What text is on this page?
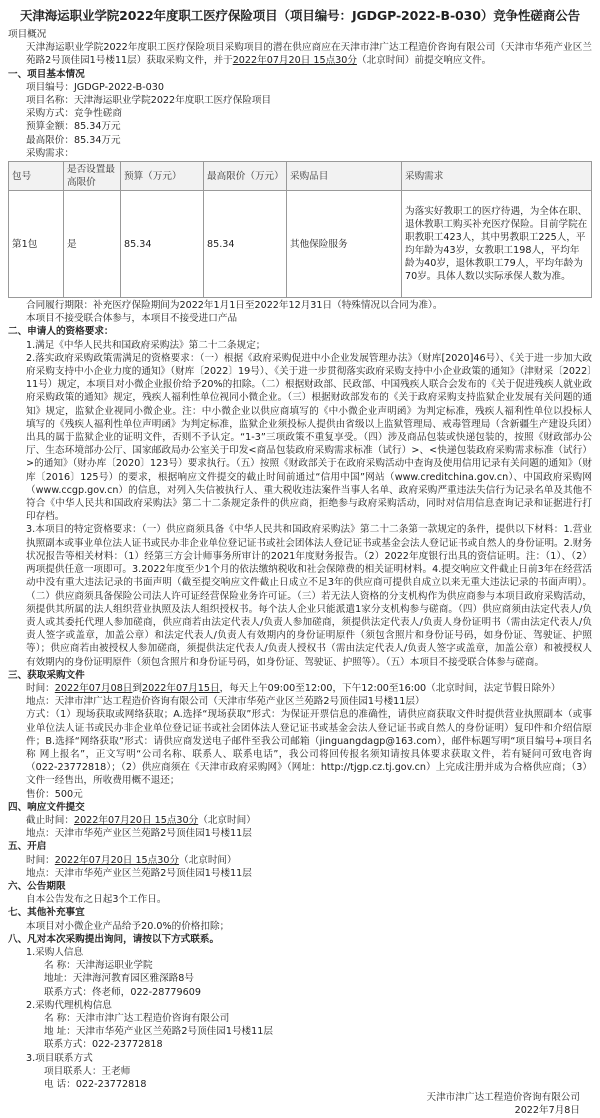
天津海运职业学院2022年度职工医疗保险项目（项目编号：JGDGP-2022-B-030）竞争性磋商公告
项目概况
天津海运职业学院2022年度职工医疗保险项目采购项目的潜在供应商应在天津市津广达工程造价咨询有限公司（天津市华苑产业区兰苑路2号顶佳园1号楼11层）获取采购文件，并于2022年07月20日 15点30分（北京时间）前提交响应文件。
一、项目基本情况
项目编号：JGDGP-2022-B-030
项目名称：天津海运职业学院2022年度职工医疗保险项目
采购方式：竞争性磋商
预算金额：85.34万元
最高限价：85.34万元
采购需求：
包号	是否设置最高限价	预算（万元）	最高限价（万元）	采购品目	采购需求
第1包	是	85.34	85.34	其他保险服务	为落实好教职工的医疗待遇，为全体在职、退休教职工购买补充医疗保险。目前学院在职教职工423人，其中男教职工225人，平均年龄为43岁，女教职工198人，平均年龄为40岁，退休教职工79人，平均年龄为70岁。具体人数以实际承保人数为准。
合同履行期限：补充医疗保险期间为2022年1月1日至2022年12月31日（特殊情况以合同为准）。
本项目不接受联合体参与，本项目不接受进口产品
二、申请人的资格要求：
1.满足《中华人民共和国政府采购法》第二十二条规定；
2.落实政府采购政策需满足的资格要求：（一）根据《政府采购促进中小企业发展管理办法》（财库[2020]46号）、《关于进一步加大政府采购支持中小企业力度的通知》（财库〔2022〕19号）、《关于进一步贯彻落实政府采购支持中小企业政策的通知》（津财采〔2022〕11号）规定，本项目对小微企业报价给予20%的扣除。（二）根据财政部、民政部、中国残疾人联合会发布的《关于促进残疾人就业政府采购政策的通知》规定，残疾人福利性单位视同小微企业。（三）根据财政部发布的《关于政府采购支持监狱企业发展有关问题的通知》规定，监狱企业视同小微企业。注：中小微企业以供应商填写的《中小微企业声明函》为判定标准，残疾人福利性单位以投标人填写的《残疾人福利性单位声明函》为判定标准，监狱企业须投标人提供由省级以上监狱管理局、戒毒管理局（含新疆生产建设兵团）出具的属于监狱企业的证明文件，否则不予认定。“1-3”三项政策不重复享受。（四）涉及商品包装或快递包装的，按照《财政部办公厅、生态环境部办公厅、国家邮政局办公室关于印发<商品包装政府采购需求标准（试行）>、<快递包装政府采购需求标准（试行）>的通知》（财办库〔2020〕123号）要求执行。（五）按照《财政部关于在政府采购活动中查询及使用信用记录有关问题的通知》（财库〔2016〕125号）的要求，根据响应文件提交的截止时间前通过“信用中国”网站（www.creditchina.gov.cn）、中国政府采购网（www.ccgp.gov.cn）的信息，对列入失信被执行人、重大税收违法案件当事人名单、政府采购严重违法失信行为记录名单及其他不符合《中华人民共和国政府采购法》第二十二条规定条件的供应商，拒绝参与政府采购活动，同时对信用信息查询记录和证据进行打印存档。
3.本项目的特定资格要求：（一）供应商须具备《中华人民共和国政府采购法》第二十二条第一款规定的条件，提供以下材料：1.营业执照副本或事业单位法人证书或民办非企业单位登记证书或社会团体法人登记证书或基金会法人登记证书或自然人的身份证明。2.财务状况报告等相关材料：（1）经第三方会计师事务所审计的2021年度财务报告。（2）2022年度银行出具的资信证明。注：（1）、（2）两项提供任意一项即可。3.2022年度至少1个月的依法缴纳税收和社会保障费的相关证明材料。4.提交响应文件截止日前3年在经营活动中没有重大违法记录的书面声明（截至提交响应文件截止日成立不足3年的供应商可提供自成立以来无重大违法记录的书面声明）。（二）供应商须具备保险公司法人许可证经营保险业务许可证。（三）若无法人资格的分支机构作为供应商参与本项目政府采购活动，须提供其所属的法人组织营业执照及法人组织授权书。每个法人企业只能派遣1家分支机构参与磋商。（四）供应商须由法定代表人/负责人或其委托代理人参加磋商，供应商若由法定代表人/负责人参加磋商，须提供法定代表人/负责人身份证明书（需由法定代表人/负责人签字或盖章，加盖公章）和法定代表人/负责人有效期内的身份证明原件（须包含照片和身份证号码，如身份证、驾驶证、护照等）；供应商若由被授权人参加磋商，须提供法定代表人/负责人授权书（需由法定代表人/负责人签字或盖章，加盖公章）和被授权人有效期内的身份证明原件（须包含照片和身份证号码，如身份证、驾驶证、护照等）。（五）本项目不接受联合体参与磋商。
三、获取采购文件
时间：2022年07月08日到2022年07月15日，每天上午09:00至12:00，下午12:00至16:00（北京时间，法定节假日除外）
地点：天津市津广达工程造价咨询有限公司（天津市华苑产业区兰苑路2号顶佳园1号楼11层）
方式：（1）现场获取或网络获取；A.选择“现场获取”形式：为保证开票信息的准确性，请供应商获取文件时提供营业执照副本（或事业单位法人证书或民办非企业单位登记证书或社会团体法人登记证书或基金会法人登记证书或自然人的身份证明）复印件和介绍信原件；B.选择“网络获取”形式：请供应商发送电子邮件至我公司邮箱（jinguangdagp@163.com），邮件标题写明“项目编号+项目名称 网上报名”，正文写明“公司名称、联系人、联系电话”，我公司将回传报名须知请按具体要求获取文件，若有疑问可致电咨询（022-23772818）；（2）供应商须在《天津市政府采购网》（网址：http://tjgp.cz.tj.gov.cn）上完成注册并成为合格供应商；（3）文件一经售出，所收费用概不退还；
售价：500元
四、响应文件提交
截止时间：2022年07月20日 15点30分（北京时间）
地点：天津市华苑产业区兰苑路2号顶佳园1号楼11层
五、开启
时间：2022年07月20日 15点30分（北京时间）
地点：天津市华苑产业区兰苑路2号顶佳园1号楼11层
六、公告期限
自本公告发布之日起3个工作日。
七、其他补充事宜
本项目对小微企业产品给予20.0%的价格扣除；
八、凡对本次采购提出询问，请按以下方式联系。
1.采购人信息
名 称：天津海运职业学院
地址：天津海河教育园区雅深路8号
联系方式：佟老师，022-28779609
2.采购代理机构信息
名 称：天津市津广达工程造价咨询有限公司
地 址：天津市华苑产业区兰苑路2号顶佳园1号楼11层
联系方式：022-23772818
3.项目联系方式
项目联系人：王老师
电 话：022-23772818
天津市津广达工程造价咨询有限公司
2022年7月8日
